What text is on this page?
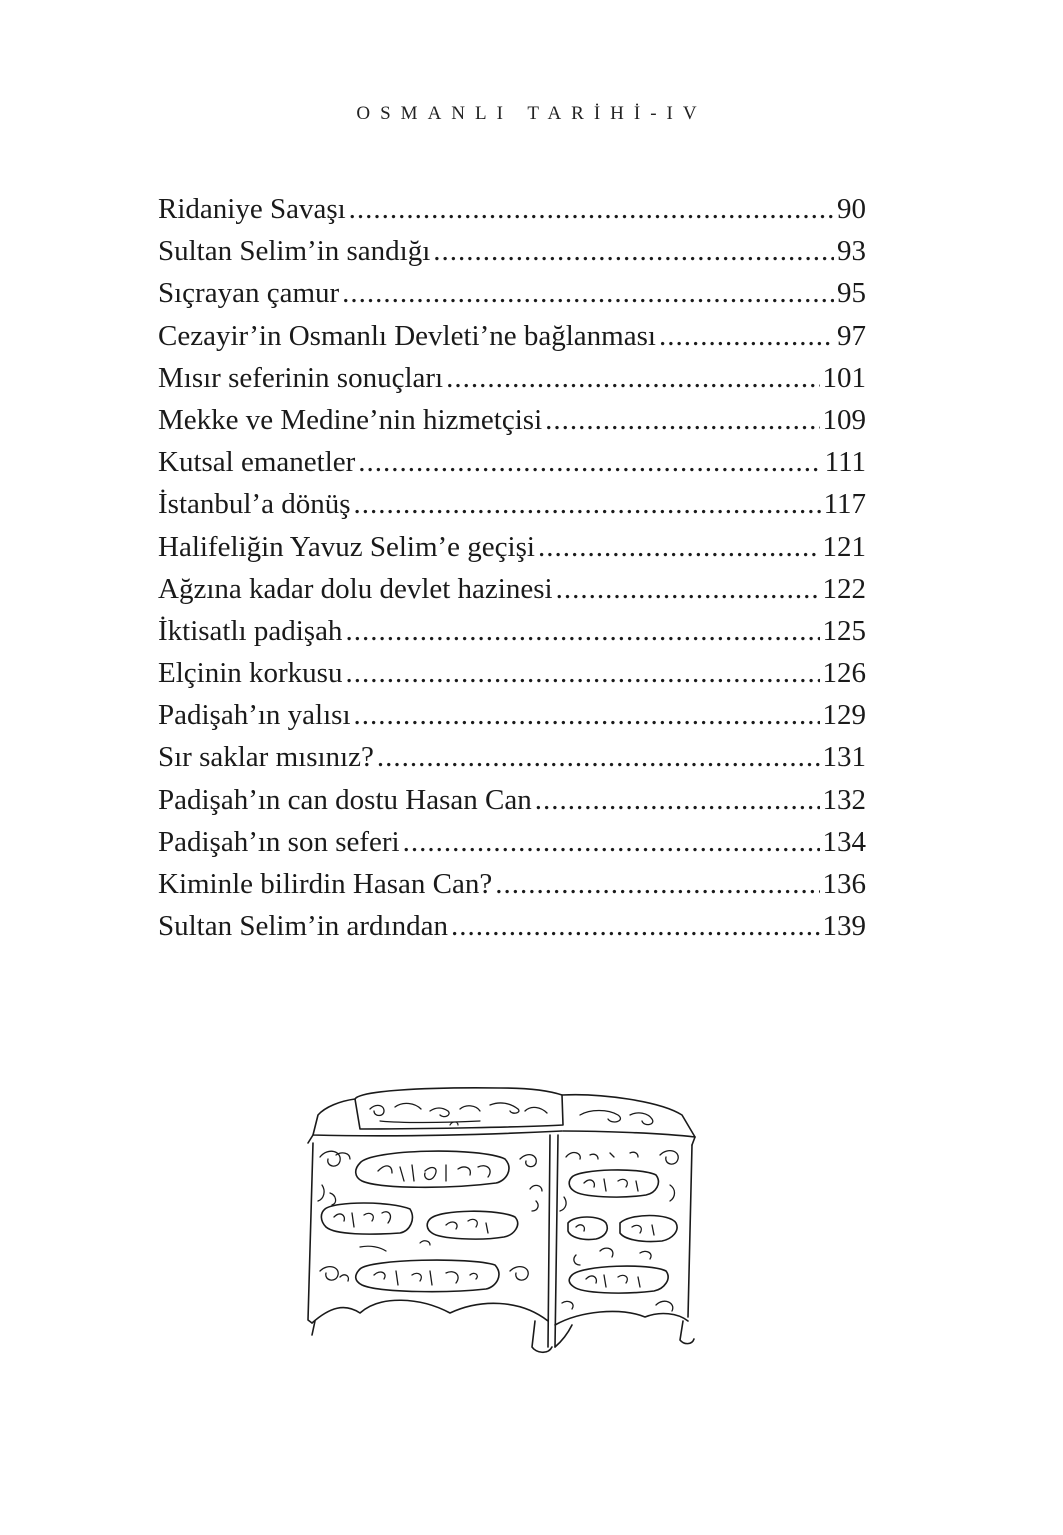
OSMANLI TARİHİ-IV
Ridaniye Savaşı .....	90
Sultan Selim’in sandığı .....	93
Sıçrayan çamur .....	95
Cezayir’in Osmanlı Devleti’ne bağlanması .....	97
Mısır seferinin sonuçları .....	101
Mekke ve Medine’nin hizmetçisi .....	109
Kutsal emanetler .....	111
İstanbul’a dönüş .....	117
Halifeliğin Yavuz Selim’e geçişi .....	121
Ağzına kadar dolu devlet hazinesi .....	122
İktisatlı padişah .....	125
Elçinin korkusu .....	126
Padişah’ın yalısı .....	129
Sır saklar mısınız? .....	131
Padişah’ın can dostu Hasan Can .....	132
Padişah’ın son seferi .....	134
Kiminle bilirdin Hasan Can? .....	136
Sultan Selim’in ardından .....	139
